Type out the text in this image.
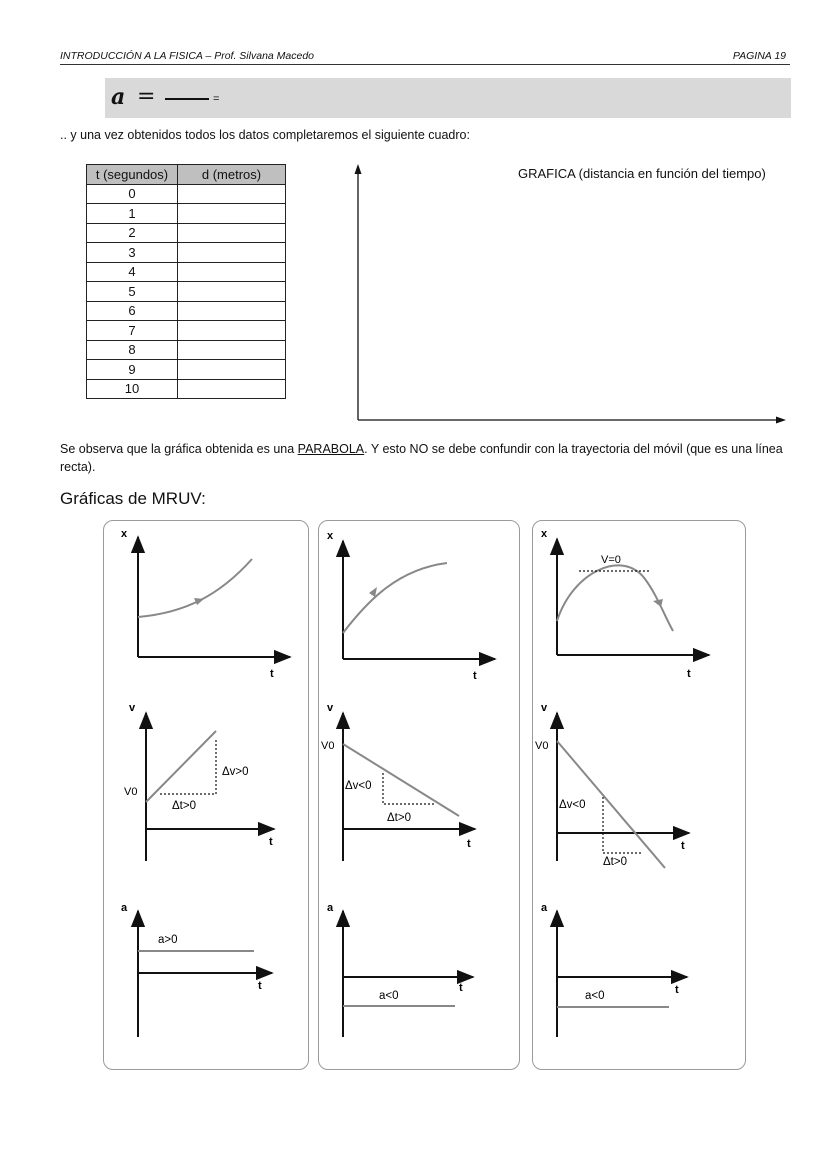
INTRODUCCIÓN A LA FISICA – Prof. Silvana Macedo	PAGINA 19
a =	=
.. y una vez obtenidos todos los datos completaremos el siguiente cuadro:
t (segundos)	d (metros)
0	
1	
2	
3	
4	
5	
6	
7	
8	
9	
10	
GRAFICA (distancia en función del tiempo)
Se observa que la gráfica obtenida es una PARABOLA. Y esto NO se debe confundir con la trayectoria del móvil (que es una línea recta).
Gráficas de MRUV:
x
t
v
t
V0
Δv>0
Δt>0
a
t
a>0
x
t
v
t
V0
Δv<0
Δt>0
a
t
a<0
x
t
V=0
v
t
V0
Δv<0
Δt>0
a
t
a<0
